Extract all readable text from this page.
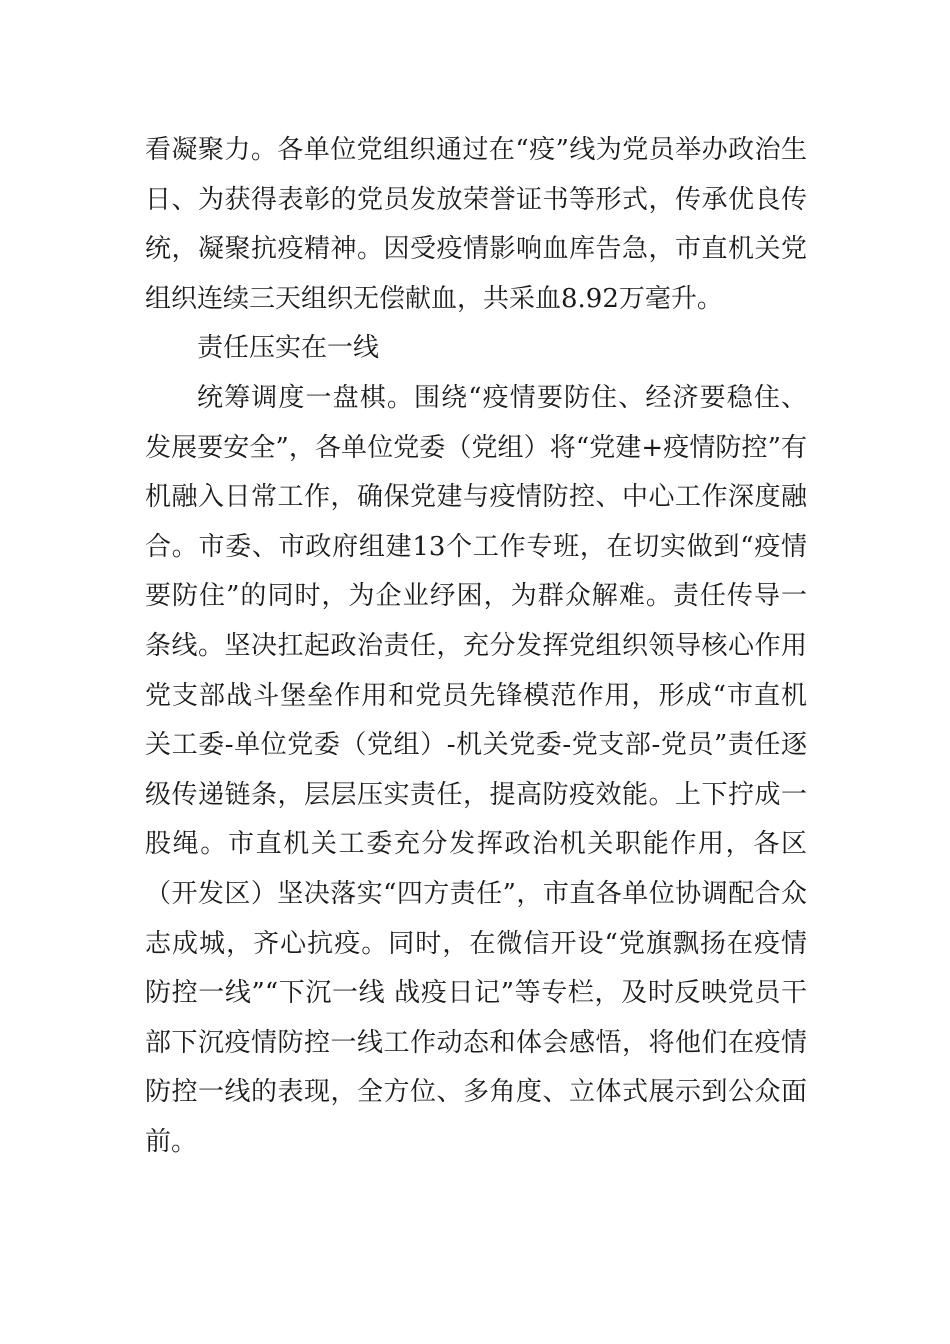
看凝聚力。各单位党组织通过在“疫”线为党员举办政治生日、为获得表彰的党员发放荣誉证书等形式，传承优良传统，凝聚抗疫精神。因受疫情影响血库告急，市直机关党组织连续三天组织无偿献血，共采血8.92万毫升。

责任压实在一线

统筹调度一盘棋。围绕“疫情要防住、经济要稳住、发展要安全”，各单位党委（党组）将“党建+疫情防控”有机融入日常工作，确保党建与疫情防控、中心工作深度融合。市委、市政府组建13个工作专班，在切实做到“疫情要防住”的同时，为企业纾困，为群众解难。责任传导一条线。坚决扛起政治责任，充分发挥党组织领导核心作用党支部战斗堡垒作用和党员先锋模范作用，形成“市直机关工委-单位党委（党组）-机关党委-党支部-党员”责任逐级传递链条，层层压实责任，提高防疫效能。上下拧成一股绳。市直机关工委充分发挥政治机关职能作用，各区（开发区）坚决落实“四方责任”，市直各单位协调配合众志成城，齐心抗疫。同时，在微信开设“党旗飘扬在疫情防控一线”“下沉一线 战疫日记”等专栏，及时反映党员干部下沉疫情防控一线工作动态和体会感悟，将他们在疫情防控一线的表现，全方位、多角度、立体式展示到公众面前。
